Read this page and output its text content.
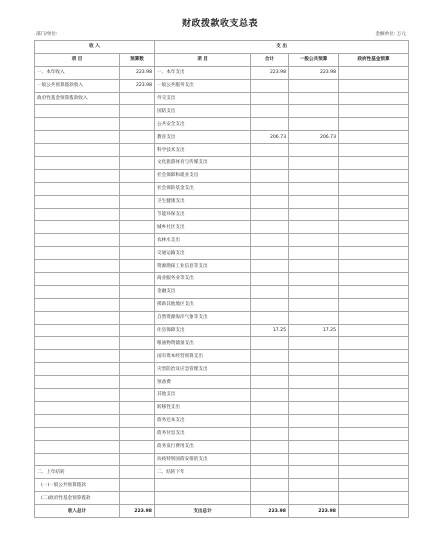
财政拨款收支总表
部门/单位:	金额单位: 万元
收 入		支 出			
项 目	预算数	项 目	合计	一般公共预算	政府性基金预算
一、本年收入	223.98	一、本年支出	223.98	223.98	
一般公共预算拨款收入	223.98	一般公共服务支出			
政府性基金预算拨款收入		外交支出			
		国防支出			
		公共安全支出			
		教育支出	206.73	206.73	
		科学技术支出			
		文化旅游体育与传媒支出			
		社会保障和就业支出			
		社会保险基金支出			
		卫生健康支出			
		节能环保支出			
		城乡社区支出			
		农林水支出			
		交通运输支出			
		资源勘探工业信息等支出			
		商业服务业等支出			
		金融支出			
		援助其他地区支出			
		自然资源海洋气象等支出			
		住房保障支出	17.25	17.25	
		粮油物资储备支出			
		国有资本经营预算支出			
		灾害防治及应急管理支出			
		预备费			
		其他支出			
		转移性支出			
		债务还本支出			
		债务付息支出			
		债务发行费用支出			
		抗疫特别国债安排的支出			
二、上年结转		二、结转下年			
(一)一般公共预算拨款					
(二)政府性基金预算拨款					
收入总计	223.98	支出总计	223.98	223.98	
